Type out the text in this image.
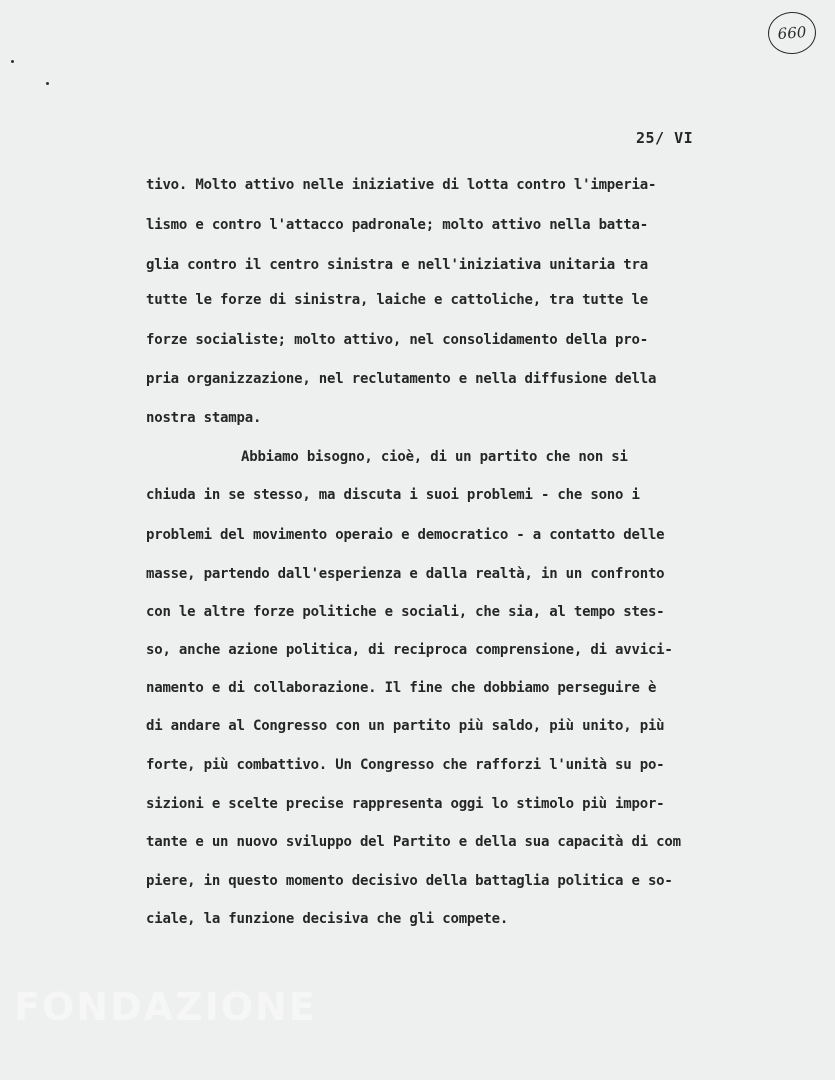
660
25/ VI
tivo. Molto attivo nelle iniziative di lotta contro l'imperia-
lismo e contro l'attacco padronale; molto attivo nella batta-
glia contro il centro sinistra e nell'iniziativa unitaria tra
tutte le forze di sinistra, laiche e cattoliche, tra tutte le
forze socialiste; molto attivo, nel consolidamento della pro-
pria organizzazione, nel reclutamento e nella diffusione della
nostra stampa.
Abbiamo bisogno, cioè, di un partito che non si
chiuda in se stesso, ma discuta i suoi problemi - che sono i
problemi del movimento operaio e democratico - a contatto delle
masse, partendo dall'esperienza e dalla realtà, in un confronto
con le altre forze politiche e sociali, che sia, al tempo stes-
so, anche azione politica, di reciproca comprensione, di avvici-
namento e di collaborazione. Il fine che dobbiamo perseguire è
di andare al Congresso con un partito più saldo, più unito, più
forte, più combattivo. Un Congresso che rafforzi l'unità su po-
sizioni e scelte precise rappresenta oggi lo stimolo più impor-
tante e un nuovo sviluppo del Partito e della sua capacità di com
piere, in questo momento decisivo della battaglia politica e so-
ciale, la funzione decisiva che gli compete.
FONDAZIONE
